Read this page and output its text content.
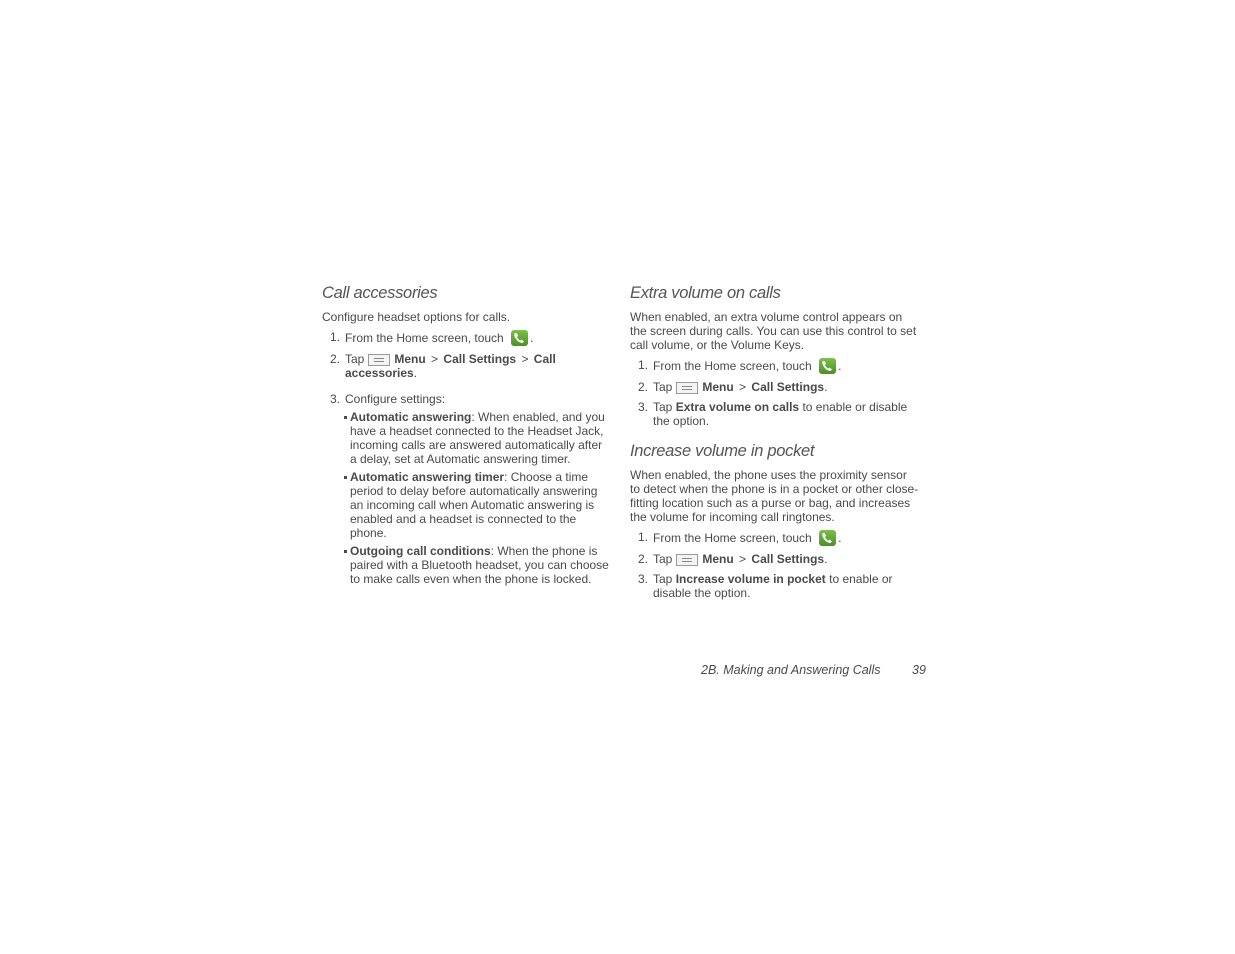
Call accessories

Configure headset options for calls.

1. From the Home screen, touch .
2. Tap	Menu > Call Settings > Call accessories.
3. Configure settings:
Automatic answering: When enabled, and you have a headset connected to the Headset Jack, incoming calls are answered automatically after a delay, set at Automatic answering timer.
Automatic answering timer: Choose a time period to delay before automatically answering an incoming call when Automatic answering is enabled and a headset is connected to the phone.
Outgoing call conditions: When the phone is paired with a Bluetooth headset, you can choose to make calls even when the phone is locked.
Extra volume on calls

When enabled, an extra volume control appears on the screen during calls. You can use this control to set call volume, or the Volume Keys.

1. From the Home screen, touch .
2. Tap	Menu > Call Settings.
3. Tap Extra volume on calls to enable or disable the option.
Increase volume in pocket

When enabled, the phone uses the proximity sensor to detect when the phone is in a pocket or other close-fitting location such as a purse or bag, and increases the volume for incoming call ringtones.

1. From the Home screen, touch .
2. Tap	Menu > Call Settings.
3. Tap Increase volume in pocket to enable or disable the option.
2B. Making and Answering Calls	39
